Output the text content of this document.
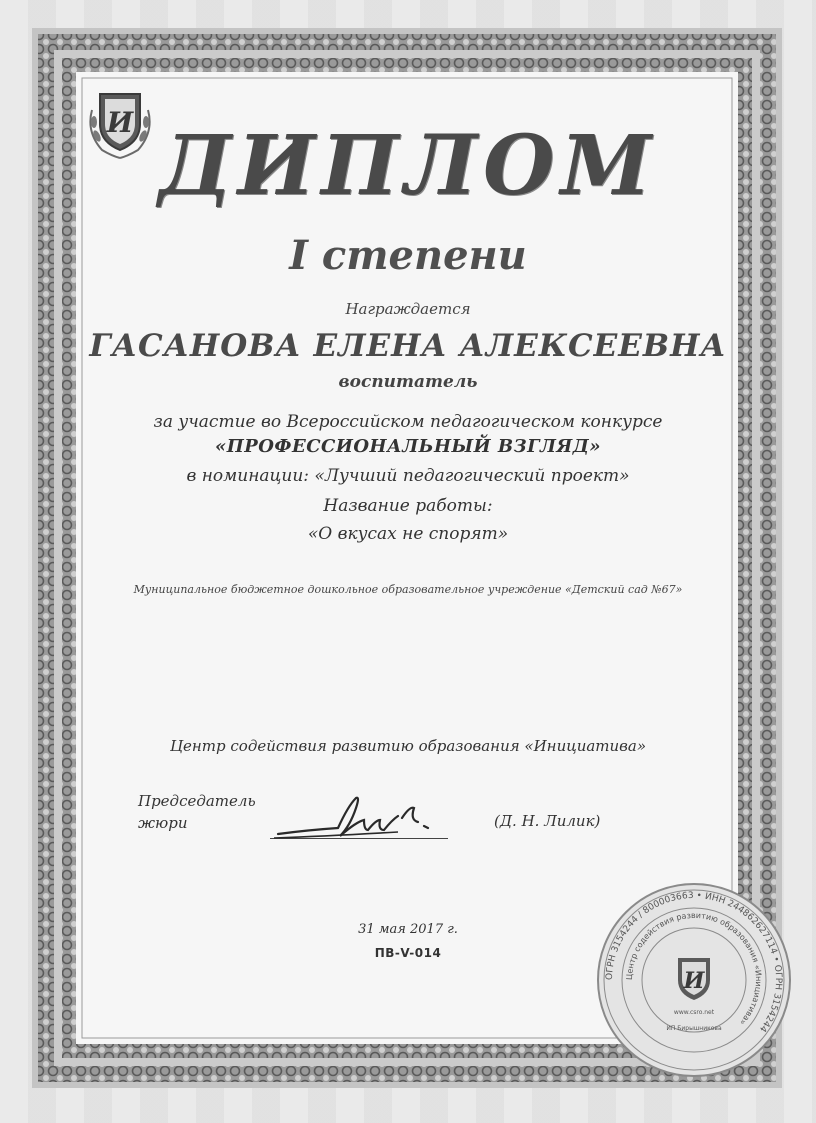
И ДИПЛОМ
I степени
Награждается
ГАСАНОВА ЕЛЕНА АЛЕКСЕЕВНА
воспитатель
за участие во Всероссийском педагогическом конкурсе
«ПРОФЕССИОНАЛЬНЫЙ ВЗГЛЯД»
в номинации: «Лучший педагогический проект»
Название работы:
«О вкусах не спорят»
Муниципальное бюджетное дошкольное образовательное учреждение «Детский сад №67»
Центр содействия развитию образования «Инициатива»
Председатель
жюри	(Д. Н. Лилик)
31 мая 2017 г.
ПВ-V-014
ОГРН 3154244 / 800003663 • ИНН 244862627114 • ОГРН 3154244
Центр содействия развитию образования «Инициатива»
И
www.csro.net
ИП Бирышникова
